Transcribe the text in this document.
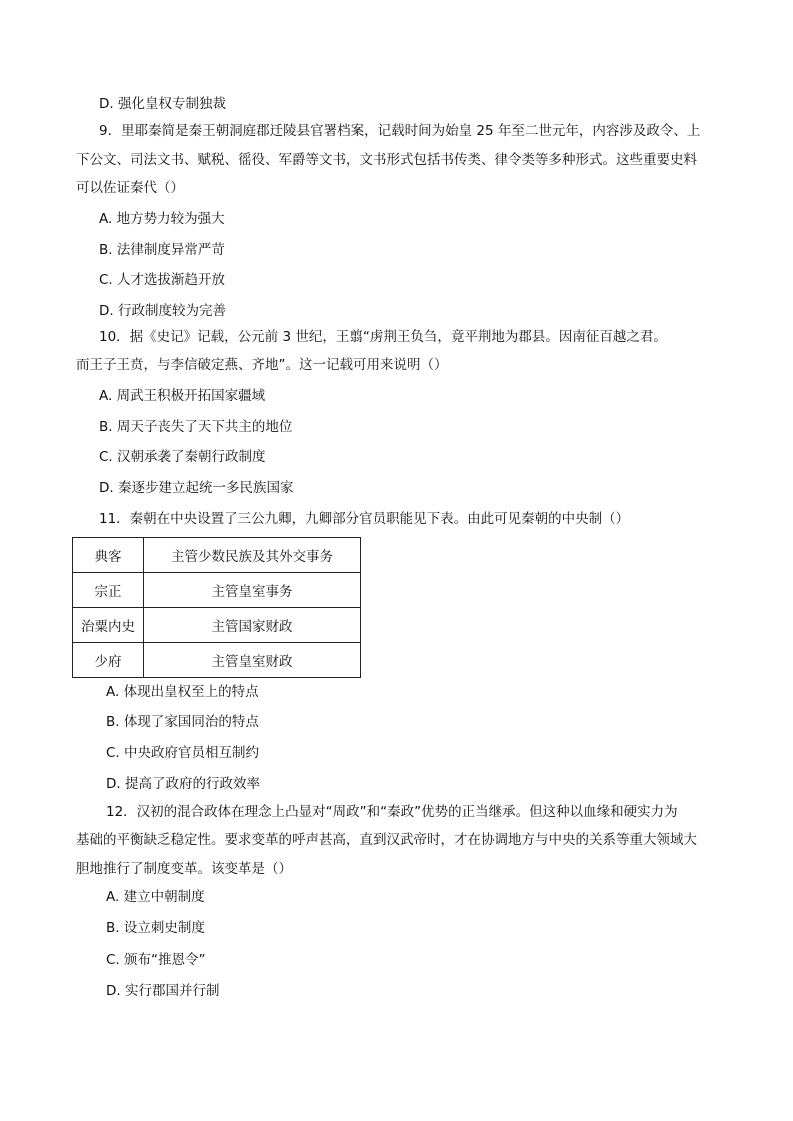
D. 强化皇权专制独裁
9．里耶秦简是秦王朝洞庭郡迁陵县官署档案，记载时间为始皇 25 年至二世元年，内容涉及政令、上
下公文、司法文书、赋税、徭役、军爵等文书，文书形式包括书传类、律令类等多种形式。这些重要史料
可以佐证秦代（）
A. 地方势力较为强大
B. 法律制度异常严苛
C. 人才选拔渐趋开放
D. 行政制度较为完善
10．据《史记》记载，公元前 3 世纪，王翦“虏荆王负刍，竟平荆地为郡县。因南征百越之君。
而王子王贲，与李信破定燕、齐地”。这一记载可用来说明（）
A. 周武王积极开拓国家疆域
B. 周天子丧失了天下共主的地位
C. 汉朝承袭了秦朝行政制度
D. 秦逐步建立起统一多民族国家
11．秦朝在中央设置了三公九卿，九卿部分官员职能见下表。由此可见秦朝的中央制（）
典客	主管少数民族及其外交事务
宗正	主管皇室事务
治粟内史	主管国家财政
少府	主管皇室财政
A. 体现出皇权至上的特点
B. 体现了家国同治的特点
C. 中央政府官员相互制约
D. 提高了政府的行政效率
12．汉初的混合政体在理念上凸显对“周政”和“秦政”优势的正当继承。但这种以血缘和硬实力为
基础的平衡缺乏稳定性。要求变革的呼声甚高，直到汉武帝时，才在协调地方与中央的关系等重大领域大
胆地推行了制度变革。该变革是（）
A. 建立中朝制度
B. 设立刺史制度
C. 颁布“推恩令”
D. 实行郡国并行制
